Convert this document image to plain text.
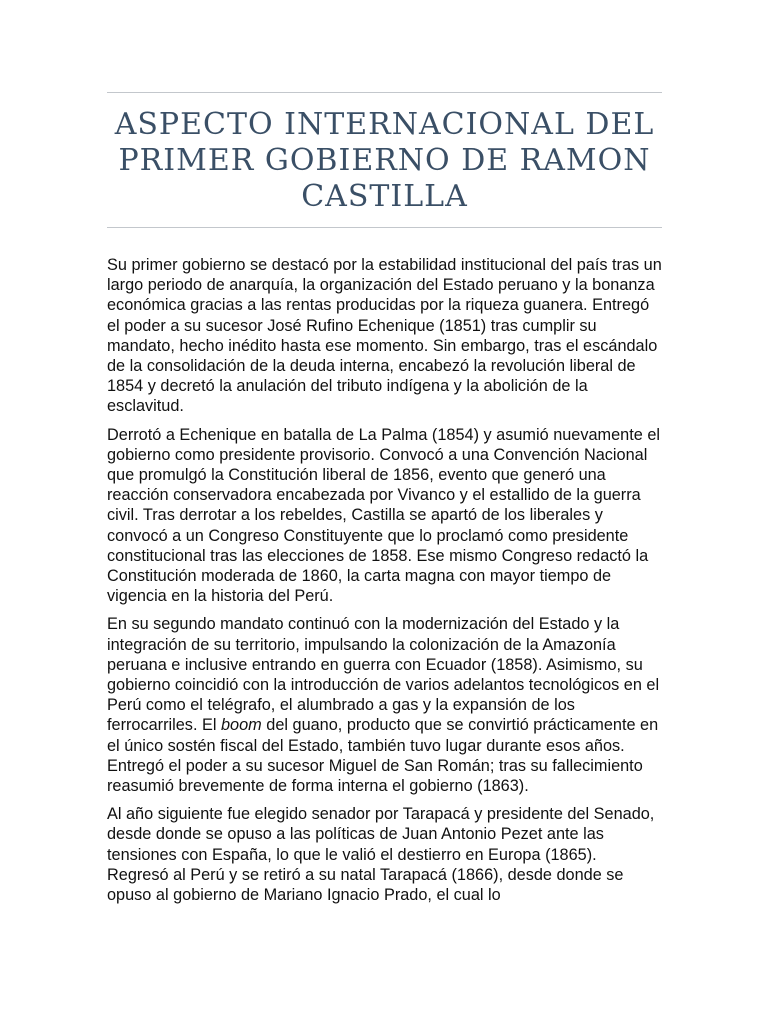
ASPECTO INTERNACIONAL DEL PRIMER GOBIERNO DE RAMON CASTILLA

Su primer gobierno se destacó por la estabilidad institucional del país tras un largo periodo de anarquía, la organización del Estado peruano y la bonanza económica gracias a las rentas producidas por la riqueza guanera. Entregó el poder a su sucesor José Rufino Echenique (1851) tras cumplir su mandato, hecho inédito hasta ese momento. Sin embargo, tras el escándalo de la consolidación de la deuda interna, encabezó la revolución liberal de 1854 y decretó la anulación del tributo indígena y la abolición de la esclavitud.

Derrotó a Echenique en batalla de La Palma (1854) y asumió nuevamente el gobierno como presidente provisorio. Convocó a una Convención Nacional que promulgó la Constitución liberal de 1856, evento que generó una reacción conservadora encabezada por Vivanco y el estallido de la guerra civil. Tras derrotar a los rebeldes, Castilla se apartó de los liberales y convocó a un Congreso Constituyente que lo proclamó como presidente constitucional tras las elecciones de 1858. Ese mismo Congreso redactó la Constitución moderada de 1860, la carta magna con mayor tiempo de vigencia en la historia del Perú.

En su segundo mandato continuó con la modernización del Estado y la integración de su territorio, impulsando la colonización de la Amazonía peruana e inclusive entrando en guerra con Ecuador (1858). Asimismo, su gobierno coincidió con la introducción de varios adelantos tecnológicos en el Perú como el telégrafo, el alumbrado a gas y la expansión de los ferrocarriles. El boom del guano, producto que se convirtió prácticamente en el único sostén fiscal del Estado, también tuvo lugar durante esos años. Entregó el poder a su sucesor Miguel de San Román; tras su fallecimiento reasumió brevemente de forma interna el gobierno (1863).

Al año siguiente fue elegido senador por Tarapacá y presidente del Senado, desde donde se opuso a las políticas de Juan Antonio Pezet ante las tensiones con España, lo que le valió el destierro en Europa (1865). Regresó al Perú y se retiró a su natal Tarapacá (1866), desde donde se opuso al gobierno de Mariano Ignacio Prado, el cual lo
